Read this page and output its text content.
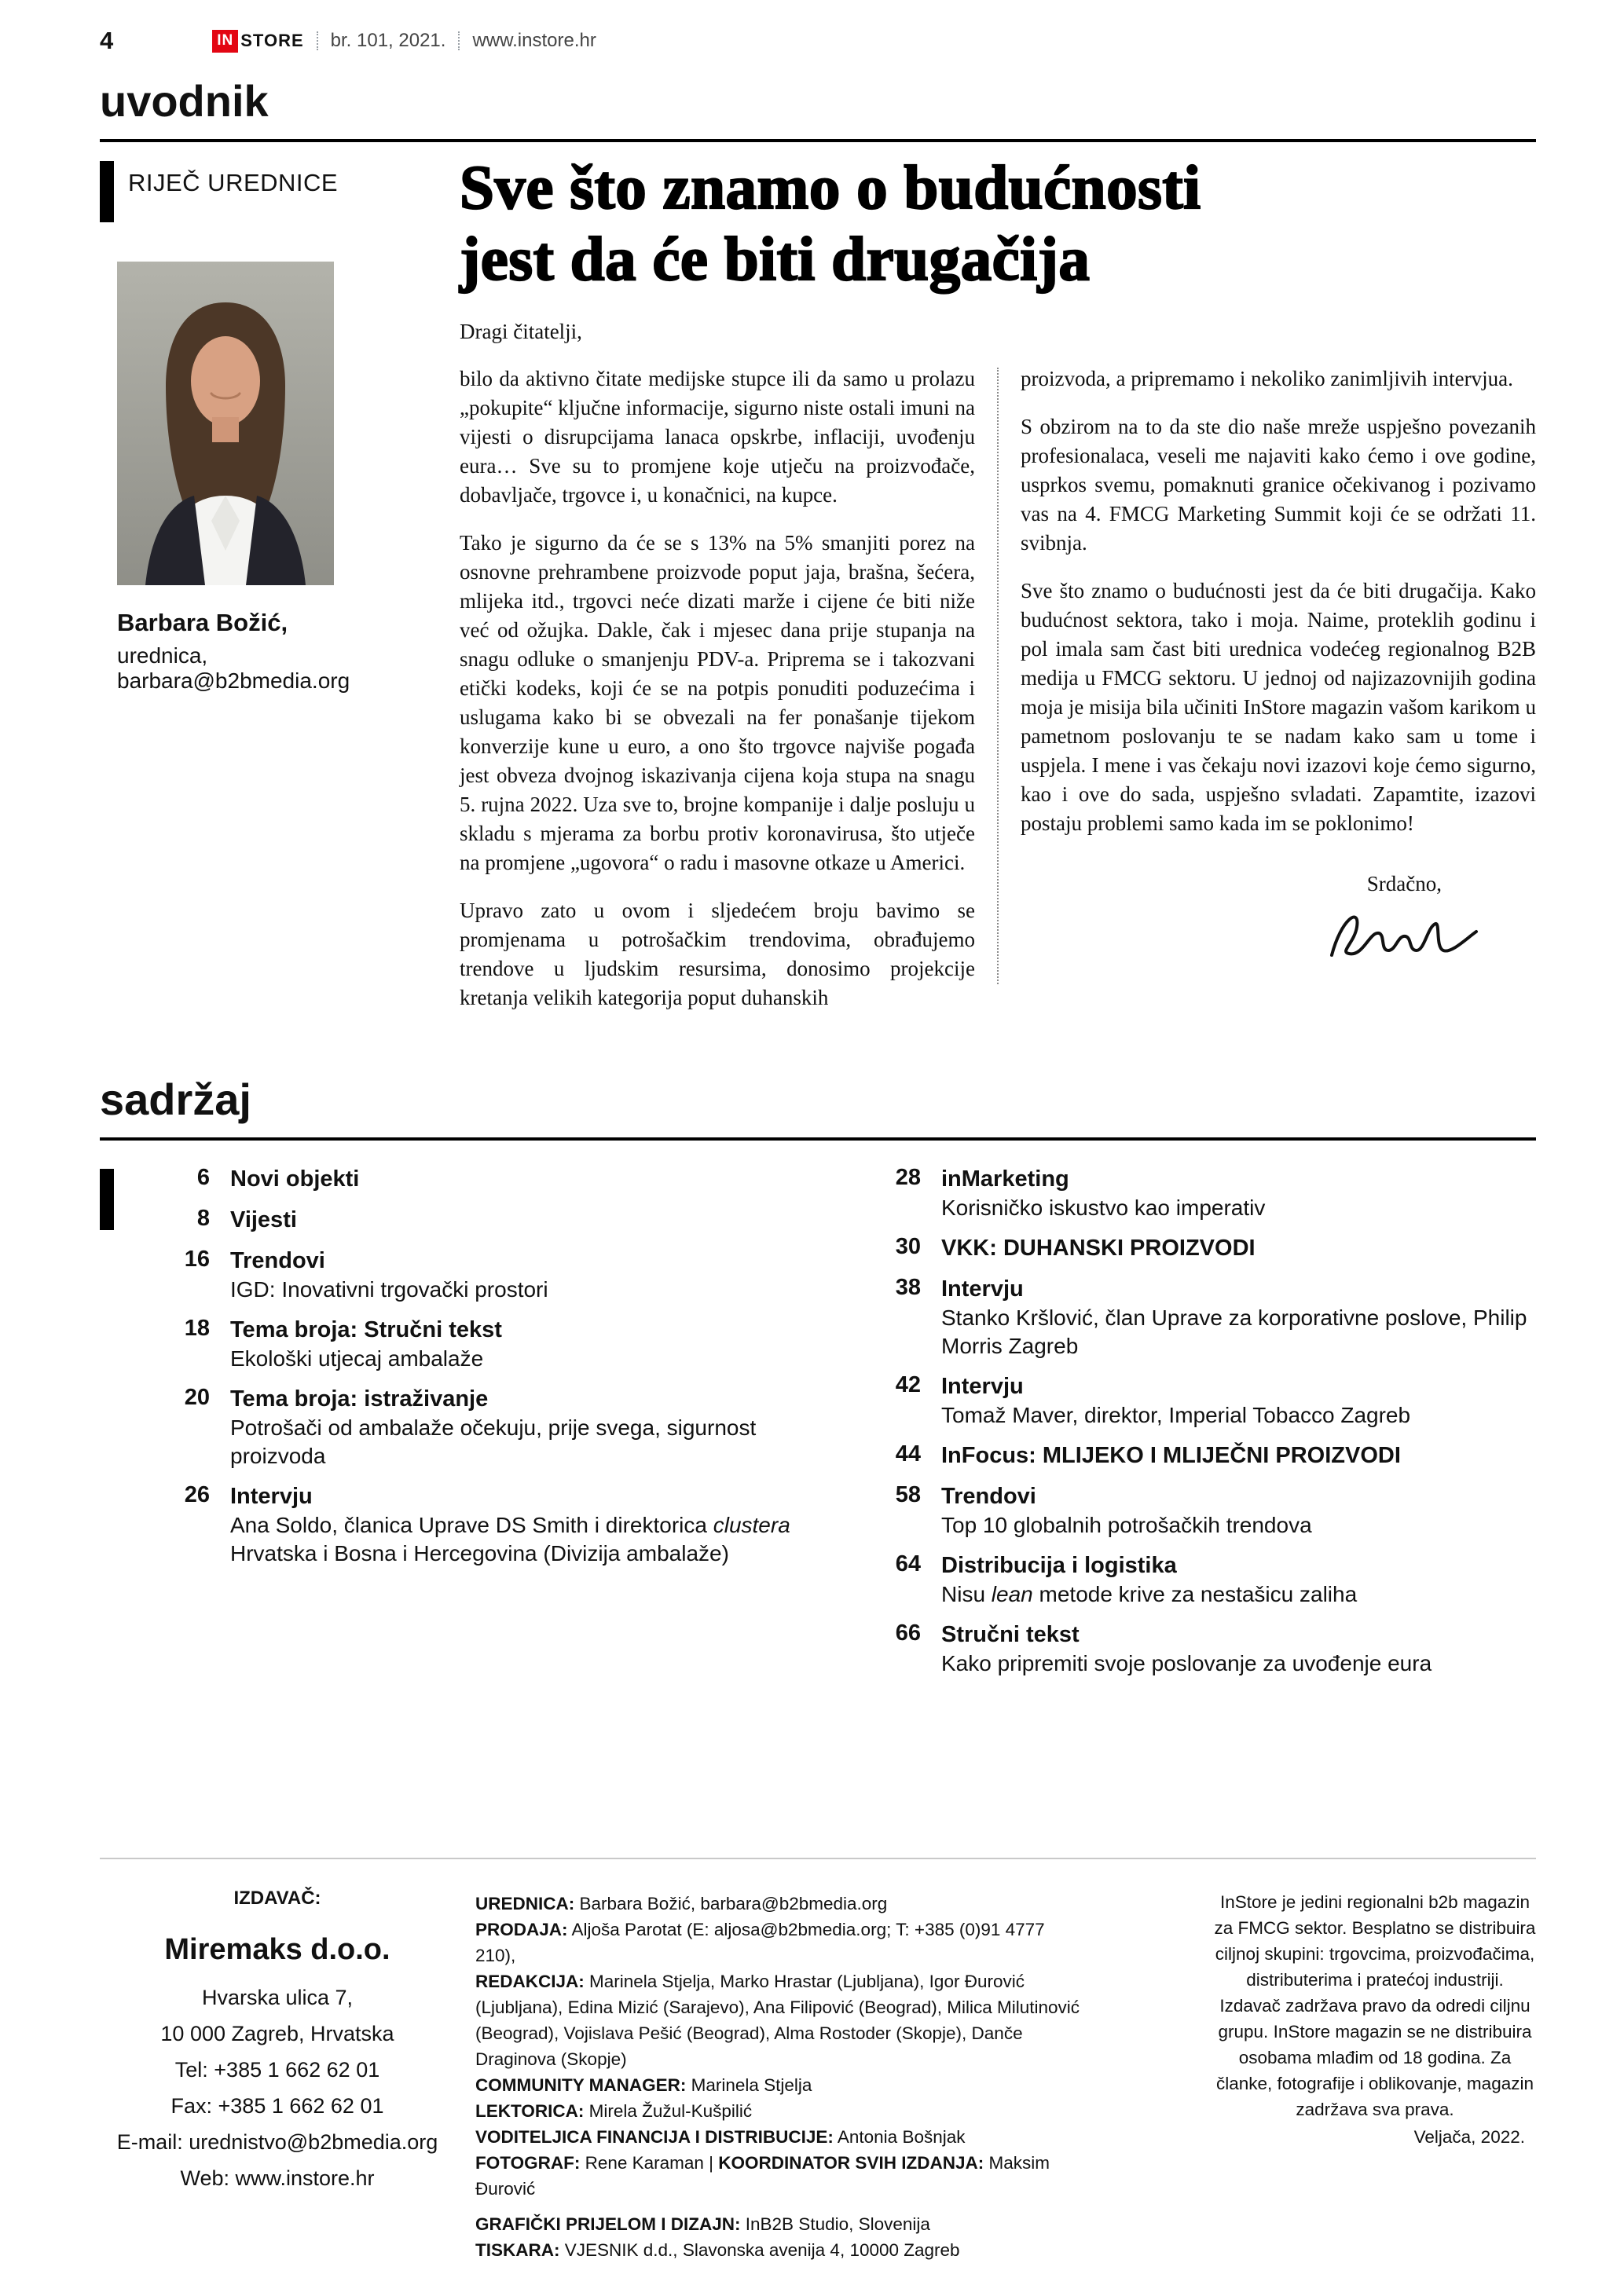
4	IN STORE br. 101, 2021. www.instore.hr
uvodnik
RIJEČ UREDNICE
Barbara Božić,
urednica,
barbara@b2bmedia.org
Sve što znamo o budućnosti
jest da će biti drugačija

Dragi čitatelji,

bilo da aktivno čitate medijske stupce ili da samo u prolazu „pokupite“ ključne informacije, sigurno niste ostali imuni na vijesti o disrupcijama lanaca opskrbe, inflaciji, uvođenju eura… Sve su to promjene koje utječu na proizvođače, dobavljače, trgovce i, u konačnici, na kupce.

Tako je sigurno da će se s 13% na 5% smanjiti porez na osnovne prehrambene proizvode poput jaja, brašna, šećera, mlijeka itd., trgovci neće dizati marže i cijene će biti niže već od ožujka. Dakle, čak i mjesec dana prije stupanja na snagu odluke o smanjenju PDV-a. Priprema se i takozvani etički kodeks, koji će se na potpis ponuditi poduzećima i uslugama kako bi se obvezali na fer ponašanje tijekom konverzije kune u euro, a ono što trgovce najviše pogađa jest obveza dvojnog iskazivanja cijena koja stupa na snagu 5. rujna 2022. Uza sve to, brojne kompanije i dalje posluju u skladu s mjerama za borbu protiv koronavirusa, što utječe na promjene „ugovora“ o radu i masovne otkaze u Americi.

Upravo zato u ovom i sljedećem broju bavimo se promjenama u potrošačkim trendovima, obrađujemo trendove u ljudskim resursima, donosimo projekcije kretanja velikih kategorija poput duhanskih

proizvoda, a pripremamo i nekoliko zanimljivih intervjua.

S obzirom na to da ste dio naše mreže uspješno povezanih profesionalaca, veseli me najaviti kako ćemo i ove godine, usprkos svemu, pomaknuti granice očekivanog i pozivamo vas na 4. FMCG Marketing Summit koji će se održati 11. svibnja.

Sve što znamo o budućnosti jest da će biti drugačija. Kako budućnost sektora, tako i moja. Naime, proteklih godinu i pol imala sam čast biti urednica vodećeg regionalnog B2B medija u FMCG sektoru. U jednoj od najizazovnijih godina moja je misija bila učiniti InStore magazin vašom karikom u pametnom poslovanju te se nadam kako sam u tome i uspjela. I mene i vas čekaju novi izazovi koje ćemo sigurno, kao i ove do sada, uspješno svladati. Zapamtite, izazovi postaju problemi samo kada im se poklonimo!

Srdačno,
sadržaj
6 Novi objekti
8 Vijesti
16 Trendovi
IGD: Inovativni trgovački prostori
18 Tema broja: Stručni tekst
Ekološki utjecaj ambalaže
20 Tema broja: istraživanje
Potrošači od ambalaže očekuju, prije svega, sigurnost proizvoda
26 Intervju
Ana Soldo, članica Uprave DS Smith i direktorica clustera Hrvatska i Bosna i Hercegovina (Divizija ambalaže)
28 inMarketing
Korisničko iskustvo kao imperativ
30 VKK: DUHANSKI PROIZVODI
38 Intervju
Stanko Kršlović, član Uprave za korporativne poslove, Philip Morris Zagreb
42 Intervju
Tomaž Maver, direktor, Imperial Tobacco Zagreb
44 InFocus: MLIJEKO I MLIJEČNI PROIZVODI
58 Trendovi
Top 10 globalnih potrošačkih trendova
64 Distribucija i logistika
Nisu lean metode krive za nestašicu zaliha
66 Stručni tekst
Kako pripremiti svoje poslovanje za uvođenje eura
IZDAVAČ:
Miremaks d.o.o.
Hvarska ulica 7,
10 000 Zagreb, Hrvatska
Tel: +385 1 662 62 01
Fax: +385 1 662 62 01
E-mail: urednistvo@b2bmedia.org
Web: www.instore.hr

UREDNICA: Barbara Božić, barbara@b2bmedia.org

PRODAJA: Aljoša Parotat (E: aljosa@b2bmedia.org; T: +385 (0)91 4777 210),

REDAKCIJA: Marinela Stjelja, Marko Hrastar (Ljubljana), Igor Đurović (Ljubljana), Edina Mizić (Sarajevo), Ana Filipović (Beograd), Milica Milutinović (Beograd), Vojislava Pešić (Beograd), Alma Rostoder (Skopje), Danče Draginova (Skopje)

COMMUNITY MANAGER: Marinela Stjelja

LEKTORICA: Mirela Žužul-Kušpilić

VODITELJICA FINANCIJA I DISTRIBUCIJE: Antonia Bošnjak

FOTOGRAF: Rene Karaman | KOORDINATOR SVIH IZDANJA: Maksim Đurović

GRAFIČKI PRIJELOM I DIZAJN: InB2B Studio, Slovenija

TISKARA: VJESNIK d.d., Slavonska avenija 4, 10000 Zagreb

InStore je jedini regionalni b2b magazin za FMCG sektor. Besplatno se distribuira ciljnoj skupini: trgovcima, proizvođačima, distributerima i pratećoj industriji. Izdavač zadržava pravo da odredi ciljnu grupu. InStore magazin se ne distribuira osobama mlađim od 18 godina. Za članke, fotografije i oblikovanje, magazin zadržava sva prava.
Veljača, 2022.
